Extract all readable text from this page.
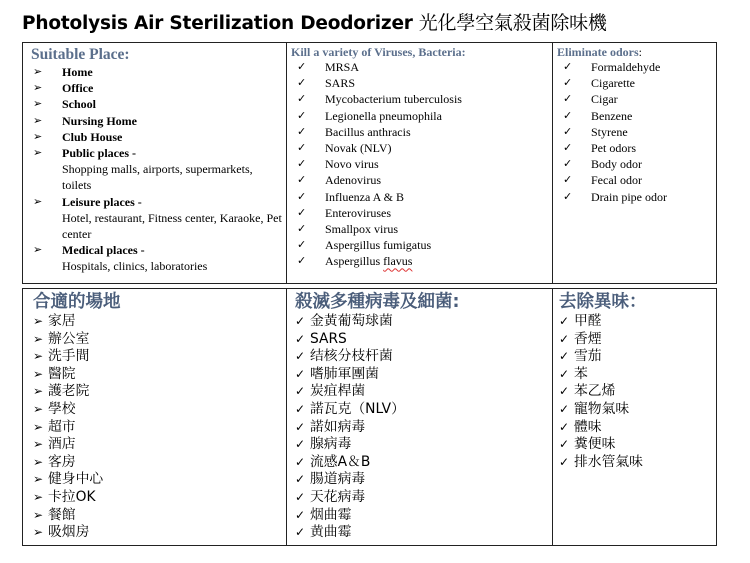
Photolysis Air Sterilization Deodorizer 光化學空氣殺菌除味機
Suitable Place:
➢ Home
➢ Office
➢ School
➢ Nursing Home
➢ Club House
➢ Public places -
Shopping malls, airports, supermarkets, toilets
➢ Leisure places -
Hotel, restaurant, Fitness center, Karaoke, Pet center
➢ Medical places -
Hospitals, clinics, laboratories

Kill a variety of Viruses, Bacteria:
✓ MRSA
✓ SARS
✓ Mycobacterium tuberculosis
✓ Legionella pneumophila
✓ Bacillus anthracis
✓ Novak (NLV)
✓ Novo virus
✓ Adenovirus
✓ Influenza A & B
✓ Enteroviruses
✓ Smallpox virus
✓ Aspergillus fumigatus
✓ Aspergillus flavus

Eliminate odors:
✓ Formaldehyde
✓ Cigarette
✓ Cigar
✓ Benzene
✓ Styrene
✓ Pet odors
✓ Body odor
✓ Fecal odor
✓ Drain pipe odor
合適的場地
➢ 家居
➢ 辦公室
➢ 洗手間
➢ 醫院
➢ 護老院
➢ 學校
➢ 超市
➢ 酒店
➢ 客房
➢ 健身中心
➢ 卡拉OK
➢ 餐館
➢ 吸烟房

殺滅多種病毒及細菌:
✓ 金黃葡萄球菌
✓ SARS
✓ 结核分枝杆菌
✓ 嗜肺軍團菌
✓ 炭疽桿菌
✓ 諾瓦克（NLV）
✓ 諾如病毒
✓ 腺病毒
✓ 流感A＆B
✓ 腸道病毒
✓ 天花病毒
✓ 烟曲霉
✓ 黄曲霉

去除異味：
✓ 甲醛
✓ 香煙
✓ 雪茄
✓ 苯
✓ 苯乙烯
✓ 寵物氣味
✓ 體味
✓ 糞便味
✓ 排水管氣味
